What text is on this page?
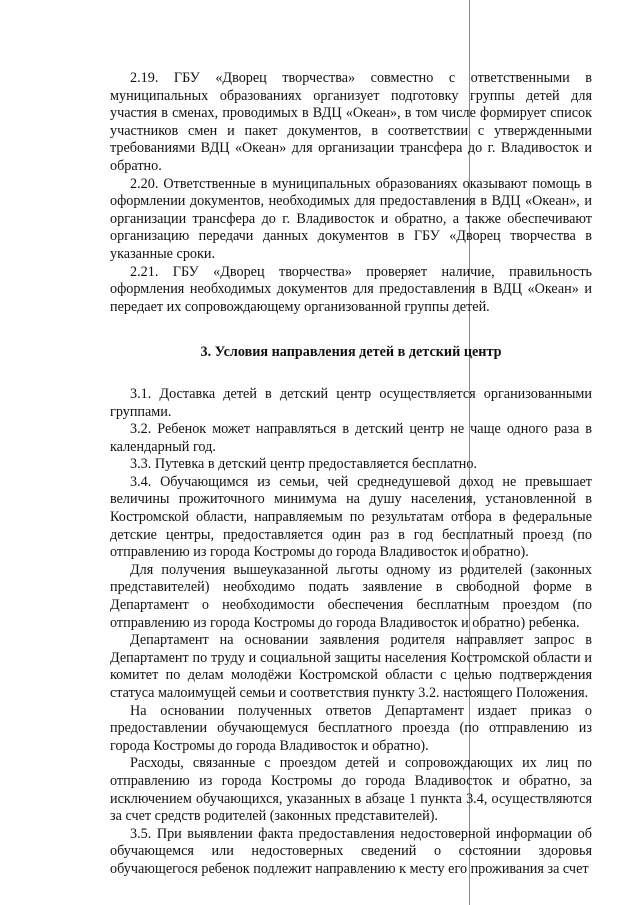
2.19. ГБУ «Дворец творчества» совместно с ответственными в муниципальных образованиях организует подготовку группы детей для участия в сменах, проводимых в ВДЦ «Океан», в том числе формирует список участников смен и пакет документов, в соответствии с утвержденными требованиями ВДЦ «Океан» для организации трансфера до г. Владивосток и обратно.

2.20. Ответственные в муниципальных образованиях оказывают помощь в оформлении документов, необходимых для предоставления в ВДЦ «Океан», и организации трансфера до г. Владивосток и обратно, а также обеспечивают организацию передачи данных документов в ГБУ «Дворец творчества в указанные сроки.

2.21. ГБУ «Дворец творчества» проверяет наличие, правильность оформления необходимых документов для предоставления в ВДЦ «Океан» и передает их сопровождающему организованной группы детей.

3. Условия направления детей в детский центр

3.1. Доставка детей в детский центр осуществляется организованными группами.

3.2. Ребенок может направляться в детский центр не чаще одного раза в календарный год.

3.3. Путевка в детский центр предоставляется бесплатно.

3.4. Обучающимся из семьи, чей среднедушевой доход не превышает величины прожиточного минимума на душу населения, установленной в Костромской области, направляемым по результатам отбора в федеральные детские центры, предоставляется один раз в год бесплатный проезд (по отправлению из города Костромы до города Владивосток и обратно).

Для получения вышеуказанной льготы одному из родителей (законных представителей) необходимо подать заявление в свободной форме в Департамент о необходимости обеспечения бесплатным проездом (по отправлению из города Костромы до города Владивосток и обратно) ребенка.

Департамент на основании заявления родителя направляет запрос в Департамент по труду и социальной защиты населения Костромской области и комитет по делам молодёжи Костромской области с целью подтверждения статуса малоимущей семьи и соответствия пункту 3.2. настоящего Положения.

На основании полученных ответов Департамент издает приказ о предоставлении обучающемуся бесплатного проезда (по отправлению из города Костромы до города Владивосток и обратно).

Расходы, связанные с проездом детей и сопровождающих их лиц по отправлению из города Костромы до города Владивосток и обратно, за исключением обучающихся, указанных в абзаце 1 пункта 3.4, осуществляются за счет средств родителей (законных представителей).

3.5. При выявлении факта предоставления недостоверной информации об обучающемся или недостоверных сведений о состоянии здоровья обучающегося ребенок подлежит направлению к месту его проживания за счет
